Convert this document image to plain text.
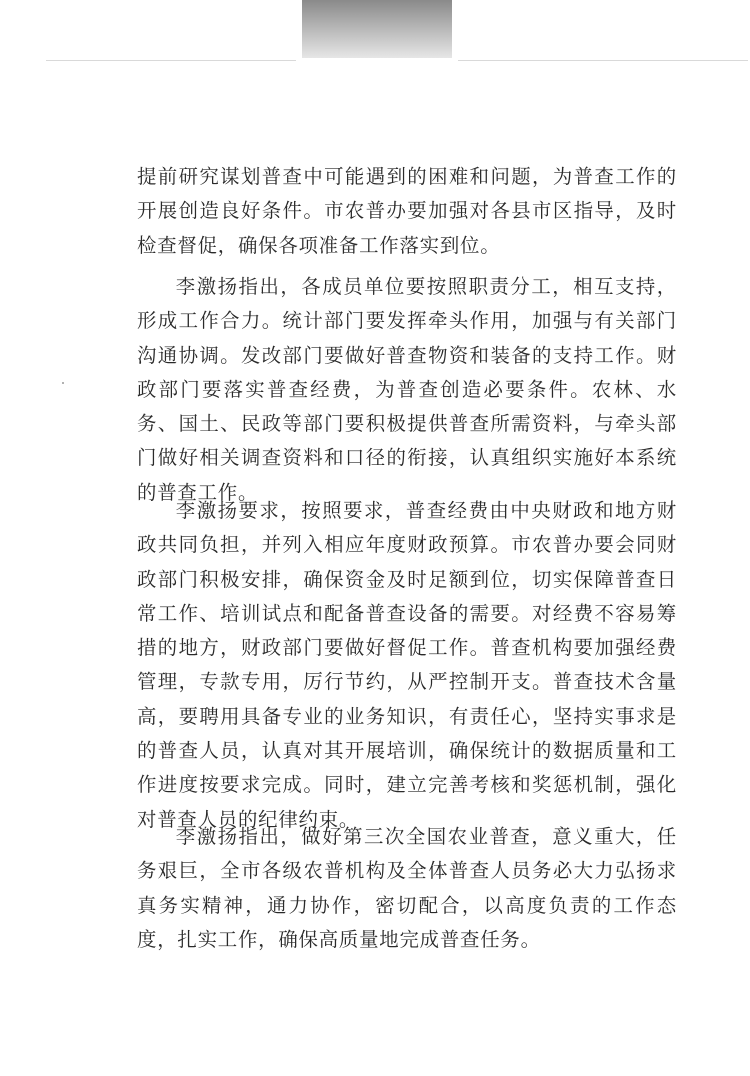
提前研究谋划普查中可能遇到的困难和问题，为普查工作的开展创造良好条件。市农普办要加强对各县市区指导，及时检查督促，确保各项准备工作落实到位。

李激扬指出，各成员单位要按照职责分工，相互支持，形成工作合力。统计部门要发挥牵头作用，加强与有关部门沟通协调。发改部门要做好普查物资和装备的支持工作。财政部门要落实普查经费，为普查创造必要条件。农林、水务、国土、民政等部门要积极提供普查所需资料，与牵头部门做好相关调查资料和口径的衔接，认真组织实施好本系统的普查工作。

李激扬要求，按照要求，普查经费由中央财政和地方财政共同负担，并列入相应年度财政预算。市农普办要会同财政部门积极安排，确保资金及时足额到位，切实保障普查日常工作、培训试点和配备普查设备的需要。对经费不容易筹措的地方，财政部门要做好督促工作。普查机构要加强经费管理，专款专用，厉行节约，从严控制开支。普查技术含量高，要聘用具备专业的业务知识，有责任心，坚持实事求是的普查人员，认真对其开展培训，确保统计的数据质量和工作进度按要求完成。同时，建立完善考核和奖惩机制，强化对普查人员的纪律约束。

李激扬指出，做好第三次全国农业普查，意义重大，任务艰巨，全市各级农普机构及全体普查人员务必大力弘扬求真务实精神，通力协作，密切配合，以高度负责的工作态度，扎实工作，确保高质量地完成普查任务。
